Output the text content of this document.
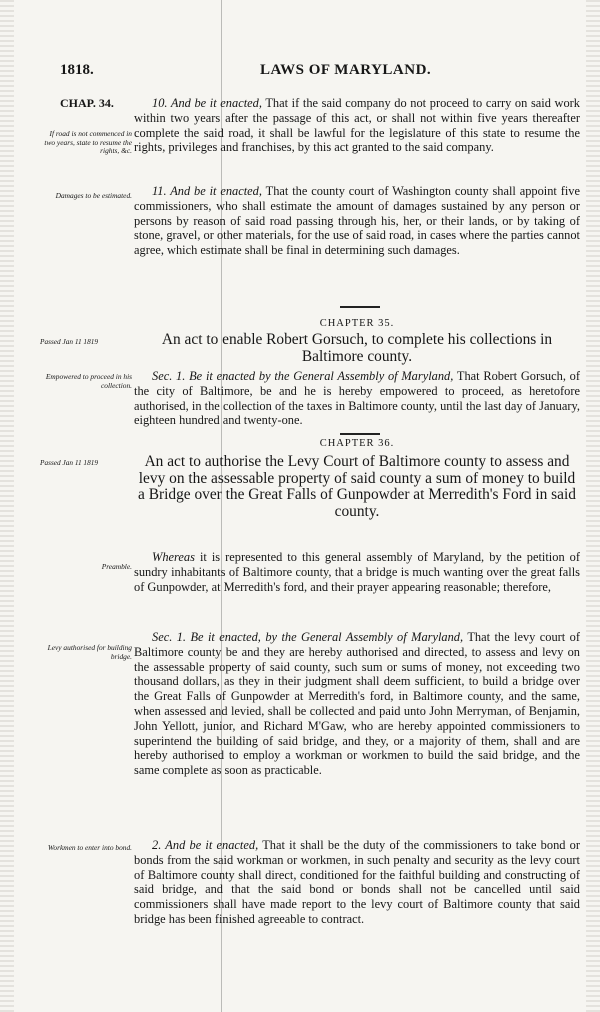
1818.	LAWS OF MARYLAND.
CHAP. 34.
If road is not commenced in two years, state to resume the rights, &c.

10. And be it enacted, That if the said company do not proceed to carry on said work within two years after the passage of this act, or shall not within five years thereafter complete the said road, it shall be lawful for the legislature of this state to resume the rights, privileges and franchises, by this act granted to the said company.

Damages to be estimated.	11. And be it enacted, That the county court of Washington county shall appoint five commissioners, who shall estimate the amount of damages sustained by any person or persons by reason of said road passing through his, her, or their lands, or by taking of stone, gravel, or other materials, for the use of said road, in cases where the parties cannot agree, which estimate shall be final in determining such damages.

CHAPTER 35.
Passed Jan 11 1819	An act to enable Robert Gorsuch, to complete his collections in Baltimore county.
Empowered to proceed in his collection.

Sec. 1. Be it enacted by the General Assembly of Maryland, That Robert Gorsuch, of the city of Baltimore, be and he is hereby empowered to proceed, as heretofore authorised, in the collection of the taxes in Baltimore county, until the last day of January, eighteen hundred and twenty-one.

CHAPTER 36.
Passed Jan 11 1819	An act to authorise the Levy Court of Baltimore county to assess and levy on the assessable property of said county a sum of money to build a Bridge over the Great Falls of Gunpowder at Merredith's Ford in said county.
Preamble.

Whereas it is represented to this general assembly of Maryland, by the petition of sundry inhabitants of Baltimore county, that a bridge is much wanting over the great falls of Gunpowder, at Merredith's ford, and their prayer appearing reasonable; therefore,

Levy authorised for building bridge.

Sec. 1. Be it enacted, by the General Assembly of Maryland, That the levy court of Baltimore county be and they are hereby authorised and directed, to assess and levy on the assessable property of said county, such sum or sums of money, not exceeding two thousand dollars, as they in their judgment shall deem sufficient, to build a bridge over the Great Falls of Gunpowder at Merredith's ford, in Baltimore county, and the same, when assessed and levied, shall be collected and paid unto John Merryman, of Benjamin, John Yellott, junior, and Richard M'Gaw, who are hereby appointed commissioners to superintend the building of said bridge, and they, or a majority of them, shall and are hereby authorised to employ a workman or workmen to build the said bridge, and the same complete as soon as practicable.

Workmen to enter into bond.	2. And be it enacted, That it shall be the duty of the commissioners to take bond or bonds from the said workman or workmen, in such penalty and security as the levy court of Baltimore county shall direct, conditioned for the faithful building and constructing of said bridge, and that the said bond or bonds shall not be cancelled until said commissioners shall have made report to the levy court of Baltimore county that said bridge has been finished agreeable to contract.
